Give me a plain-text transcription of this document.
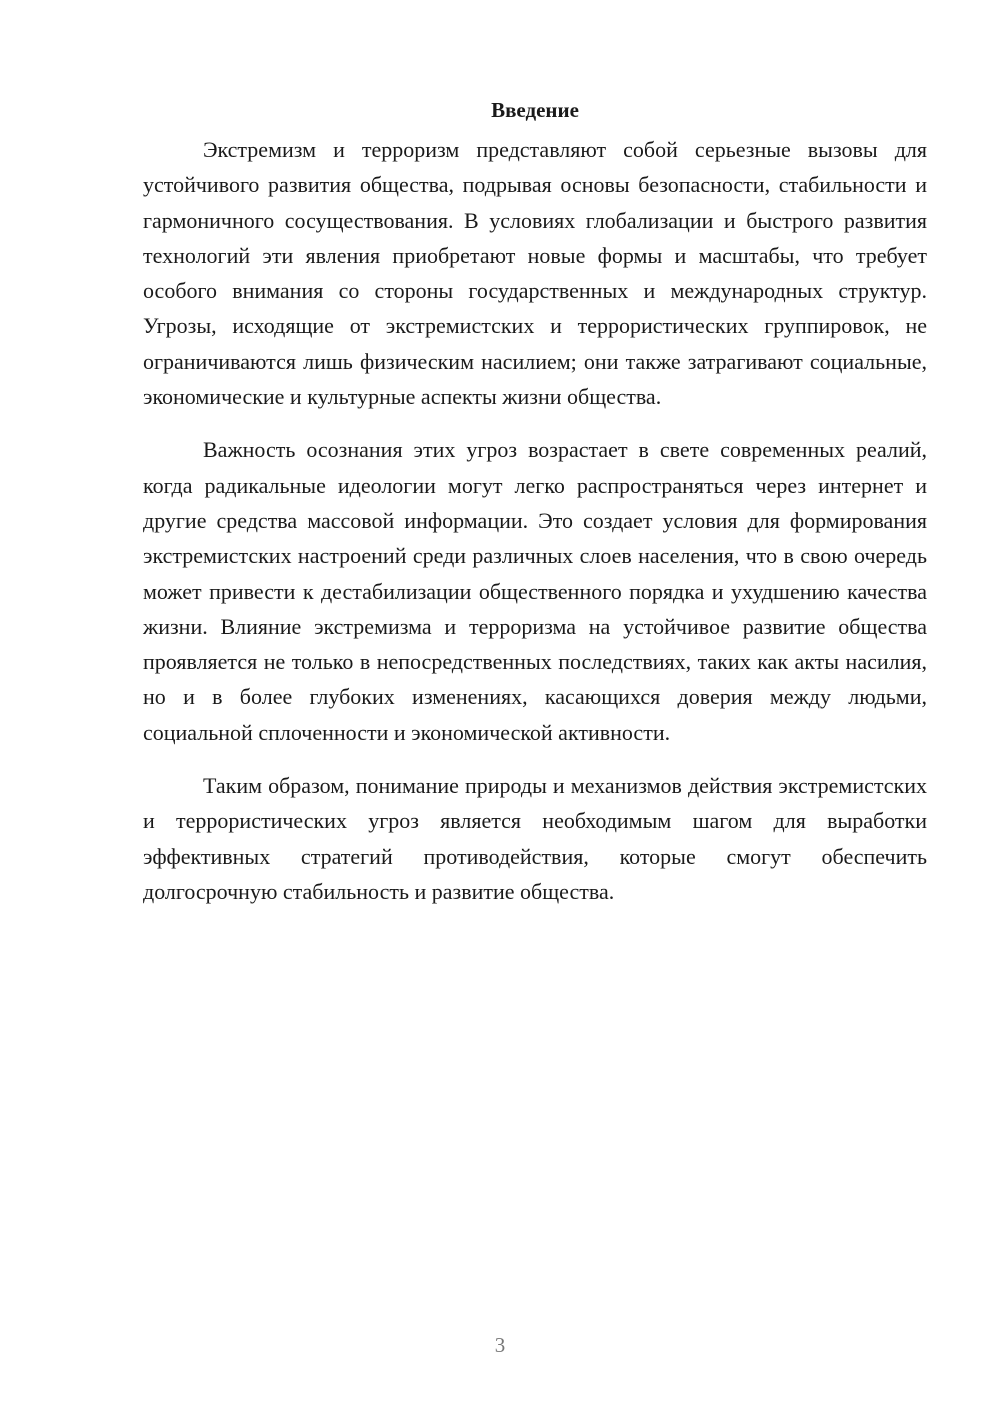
Введение

Экстремизм и терроризм представляют собой серьезные вызовы для устойчивого развития общества, подрывая основы безопасности, стабильности и гармоничного сосуществования. В условиях глобализации и быстрого развития технологий эти явления приобретают новые формы и масштабы, что требует особого внимания со стороны государственных и международных структур. Угрозы, исходящие от экстремистских и террористических группировок, не ограничиваются лишь физическим насилием; они также затрагивают социальные, экономические и культурные аспекты жизни общества.

Важность осознания этих угроз возрастает в свете современных реалий, когда радикальные идеологии могут легко распространяться через интернет и другие средства массовой информации. Это создает условия для формирования экстремистских настроений среди различных слоев населения, что в свою очередь может привести к дестабилизации общественного порядка и ухудшению качества жизни. Влияние экстремизма и терроризма на устойчивое развитие общества проявляется не только в непосредственных последствиях, таких как акты насилия, но и в более глубоких изменениях, касающихся доверия между людьми, социальной сплоченности и экономической активности.

Таким образом, понимание природы и механизмов действия экстремистских и террористических угроз является необходимым шагом для выработки эффективных стратегий противодействия, которые смогут обеспечить долгосрочную стабильность и развитие общества.

3
